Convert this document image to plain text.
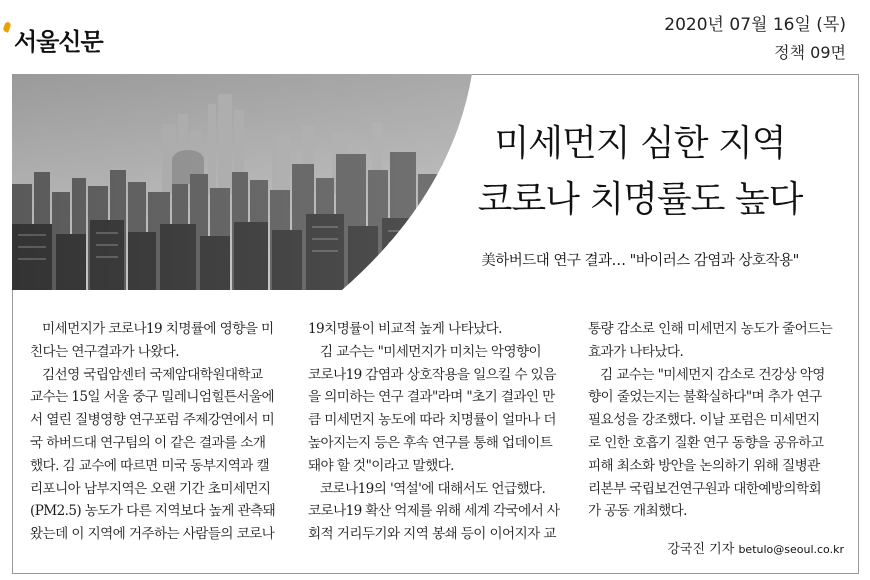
서울신문
2020년 07월 16일 (목)
정책 09면
미세먼지 심한 지역
코로나 치명률도 높다
美하버드대 연구 결과… "바이러스 감염과 상호작용"

미세먼지가 코로나19 치명률에 영향을 미

친다는 연구결과가 나왔다.

김선영 국립암센터 국제암대학원대학교

교수는 15일 서울 중구 밀레니엄힐튼서울에

서 열린 질병영향 연구포럼 주제강연에서 미

국 하버드대 연구팀의 이 같은 결과를 소개

했다. 김 교수에 따르면 미국 동부지역과 캘

리포니아 남부지역은 오랜 기간 초미세먼지

(PM2.5) 농도가 다른 지역보다 높게 관측돼

왔는데 이 지역에 거주하는 사람들의 코로나

19치명률이 비교적 높게 나타났다.

김 교수는 "미세먼지가 미치는 악영향이

코로나19 감염과 상호작용을 일으킬 수 있음

을 의미하는 연구 결과"라며 "초기 결과인 만

큼 미세먼지 농도에 따라 치명률이 얼마나 더

높아지는지 등은 후속 연구를 통해 업데이트

돼야 할 것"이라고 말했다.

코로나19의 '역설'에 대해서도 언급했다.

코로나19 확산 억제를 위해 세계 각국에서 사

회적 거리두기와 지역 봉쇄 등이 이어지자 교

통량 감소로 인해 미세먼지 농도가 줄어드는

효과가 나타났다.

김 교수는 "미세먼지 감소로 건강상 악영

향이 줄었는지는 불확실하다"며 추가 연구

필요성을 강조했다. 이날 포럼은 미세먼지

로 인한 호흡기 질환 연구 동향을 공유하고

피해 최소화 방안을 논의하기 위해 질병관

리본부 국립보건연구원과 대한예방의학회

가 공동 개최했다.

강국진 기자 betulo@seoul.co.kr
